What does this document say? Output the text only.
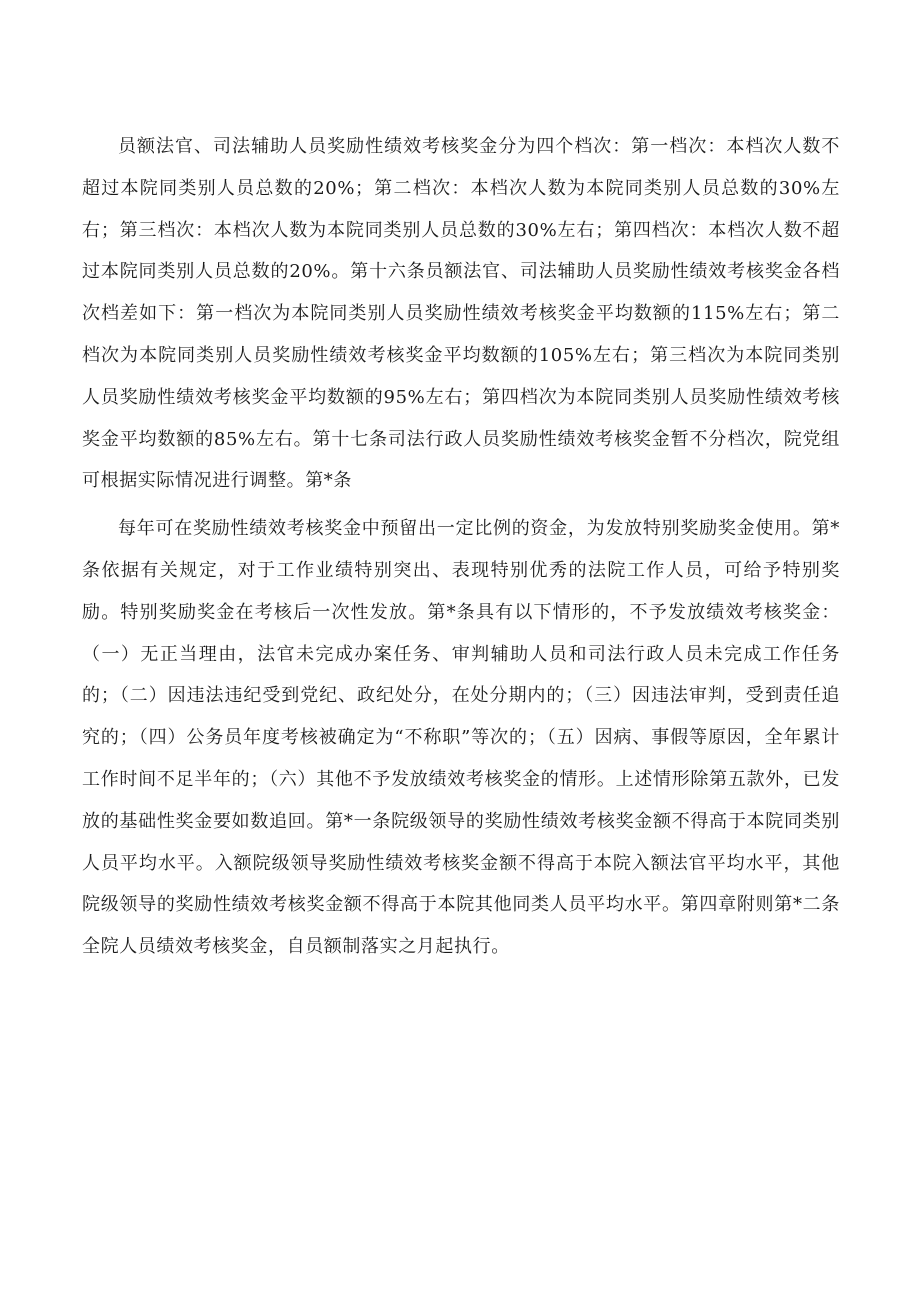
员额法官、司法辅助人员奖励性绩效考核奖金分为四个档次：第一档次：本档次人数不超过本院同类别人员总数的20%；第二档次：本档次人数为本院同类别人员总数的30%左右；第三档次：本档次人数为本院同类别人员总数的30%左右；第四档次：本档次人数不超过本院同类别人员总数的20%。第十六条员额法官、司法辅助人员奖励性绩效考核奖金各档次档差如下：第一档次为本院同类别人员奖励性绩效考核奖金平均数额的115%左右；第二档次为本院同类别人员奖励性绩效考核奖金平均数额的105%左右；第三档次为本院同类别人员奖励性绩效考核奖金平均数额的95%左右；第四档次为本院同类别人员奖励性绩效考核奖金平均数额的85%左右。第十七条司法行政人员奖励性绩效考核奖金暂不分档次，院党组可根据实际情况进行调整。第*条

每年可在奖励性绩效考核奖金中预留出一定比例的资金，为发放特别奖励奖金使用。第*条依据有关规定，对于工作业绩特别突出、表现特别优秀的法院工作人员，可给予特别奖励。特别奖励奖金在考核后一次性发放。第*条具有以下情形的，不予发放绩效考核奖金：（一）无正当理由，法官未完成办案任务、审判辅助人员和司法行政人员未完成工作任务的；（二）因违法违纪受到党纪、政纪处分，在处分期内的；（三）因违法审判，受到责任追究的；（四）公务员年度考核被确定为“不称职”等次的；（五）因病、事假等原因，全年累计工作时间不足半年的；（六）其他不予发放绩效考核奖金的情形。上述情形除第五款外，已发放的基础性奖金要如数追回。第*一条院级领导的奖励性绩效考核奖金额不得高于本院同类别人员平均水平。入额院级领导奖励性绩效考核奖金额不得高于本院入额法官平均水平，其他院级领导的奖励性绩效考核奖金额不得高于本院其他同类人员平均水平。第四章附则第*二条全院人员绩效考核奖金，自员额制落实之月起执行。
